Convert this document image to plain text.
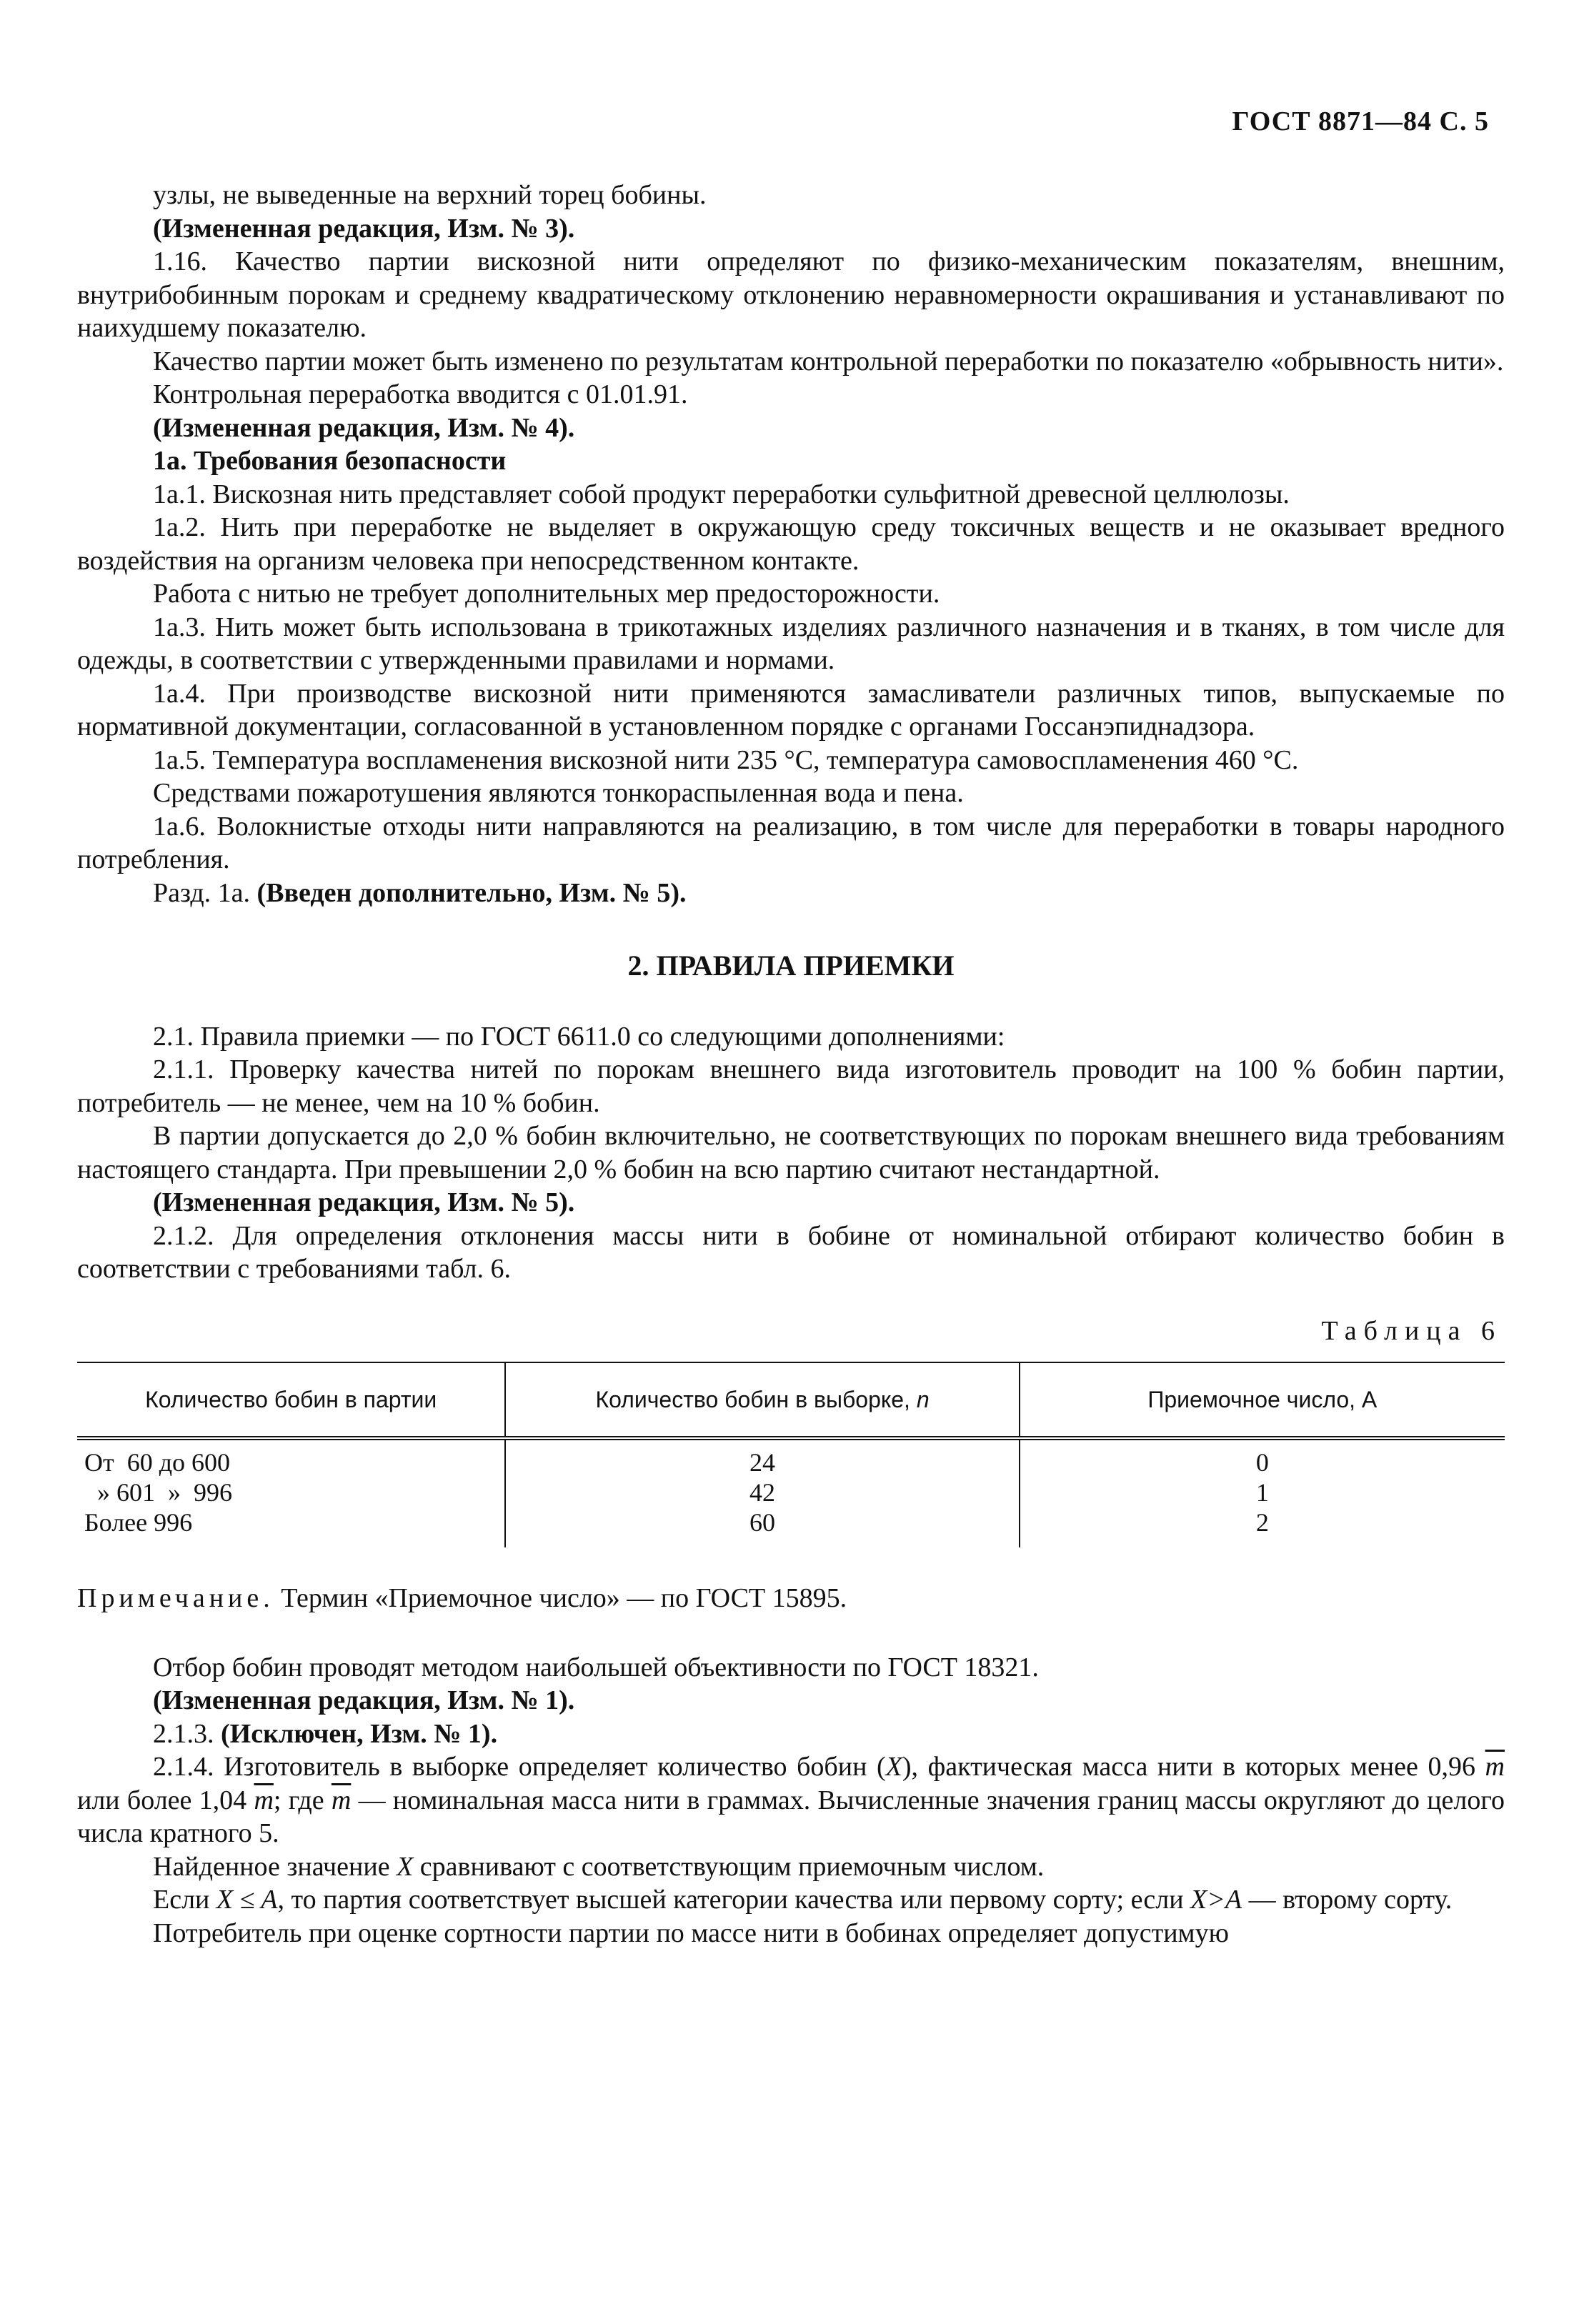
ГОСТ 8871—84 С. 5

узлы, не выведенные на верхний торец бобины.

(Измененная редакция, Изм. № 3).

1.16. Качество партии вискозной нити определяют по физико-механическим показателям, внешним, внутрибобинным порокам и среднему квадратическому отклонению неравномерности окрашивания и устанавливают по наихудшему показателю.

Качество партии может быть изменено по результатам контрольной переработки по показателю «обрывность нити».

Контрольная переработка вводится с 01.01.91.

(Измененная редакция, Изм. № 4).

1а. Требования безопасности

1а.1. Вискозная нить представляет собой продукт переработки сульфитной древесной целлюлозы.

1а.2. Нить при переработке не выделяет в окружающую среду токсичных веществ и не оказывает вредного воздействия на организм человека при непосредственном контакте.

Работа с нитью не требует дополнительных мер предосторожности.

1а.3. Нить может быть использована в трикотажных изделиях различного назначения и в тканях, в том числе для одежды, в соответствии с утвержденными правилами и нормами.

1а.4. При производстве вискозной нити применяются замасливатели различных типов, выпускаемые по нормативной документации, согласованной в установленном порядке с органами Госсанэпиднадзора.

1а.5. Температура воспламенения вискозной нити 235 °С, температура самовоспламенения 460 °С.

Средствами пожаротушения являются тонкораспыленная вода и пена.

1а.6. Волокнистые отходы нити направляются на реализацию, в том числе для переработки в товары народного потребления.

Разд. 1а. (Введен дополнительно, Изм. № 5).

2. ПРАВИЛА ПРИЕМКИ

2.1. Правила приемки — по ГОСТ 6611.0 со следующими дополнениями:

2.1.1. Проверку качества нитей по порокам внешнего вида изготовитель проводит на 100 % бобин партии, потребитель — не менее, чем на 10 % бобин.

В партии допускается до 2,0 % бобин включительно, не соответствующих по порокам внешнего вида требованиям настоящего стандарта. При превышении 2,0 % бобин на всю партию считают нестандартной.

(Измененная редакция, Изм. № 5).

2.1.2. Для определения отклонения массы нити в бобине от номинальной отбирают количество бобин в соответствии с требованиями табл. 6.

Таблица 6

Количество бобин в партии	Количество бобин в выборке, n	Приемочное число, А
От  60 до 600	24	0
» 601  »  996	42	1
Более 996	60	2

Примечание. Термин «Приемочное число» — по ГОСТ 15895.

Отбор бобин проводят методом наибольшей объективности по ГОСТ 18321.

(Измененная редакция, Изм. № 1).

2.1.3. (Исключен, Изм. № 1).

2.1.4. Изготовитель в выборке определяет количество бобин (X), фактическая масса нити в которых менее 0,96 $\overline{m}$ или более 1,04 $\overline{m}$; где $\overline{m}$ — номинальная масса нити в граммах. Вычисленные значения границ массы округляют до целого числа кратного 5.

Найденное значение X сравнивают с соответствующим приемочным числом.

Если X ≤ A, то партия соответствует высшей категории качества или первому сорту; если X>A — второму сорту.

Потребитель при оценке сортности партии по массе нити в бобинах определяет допустимую
